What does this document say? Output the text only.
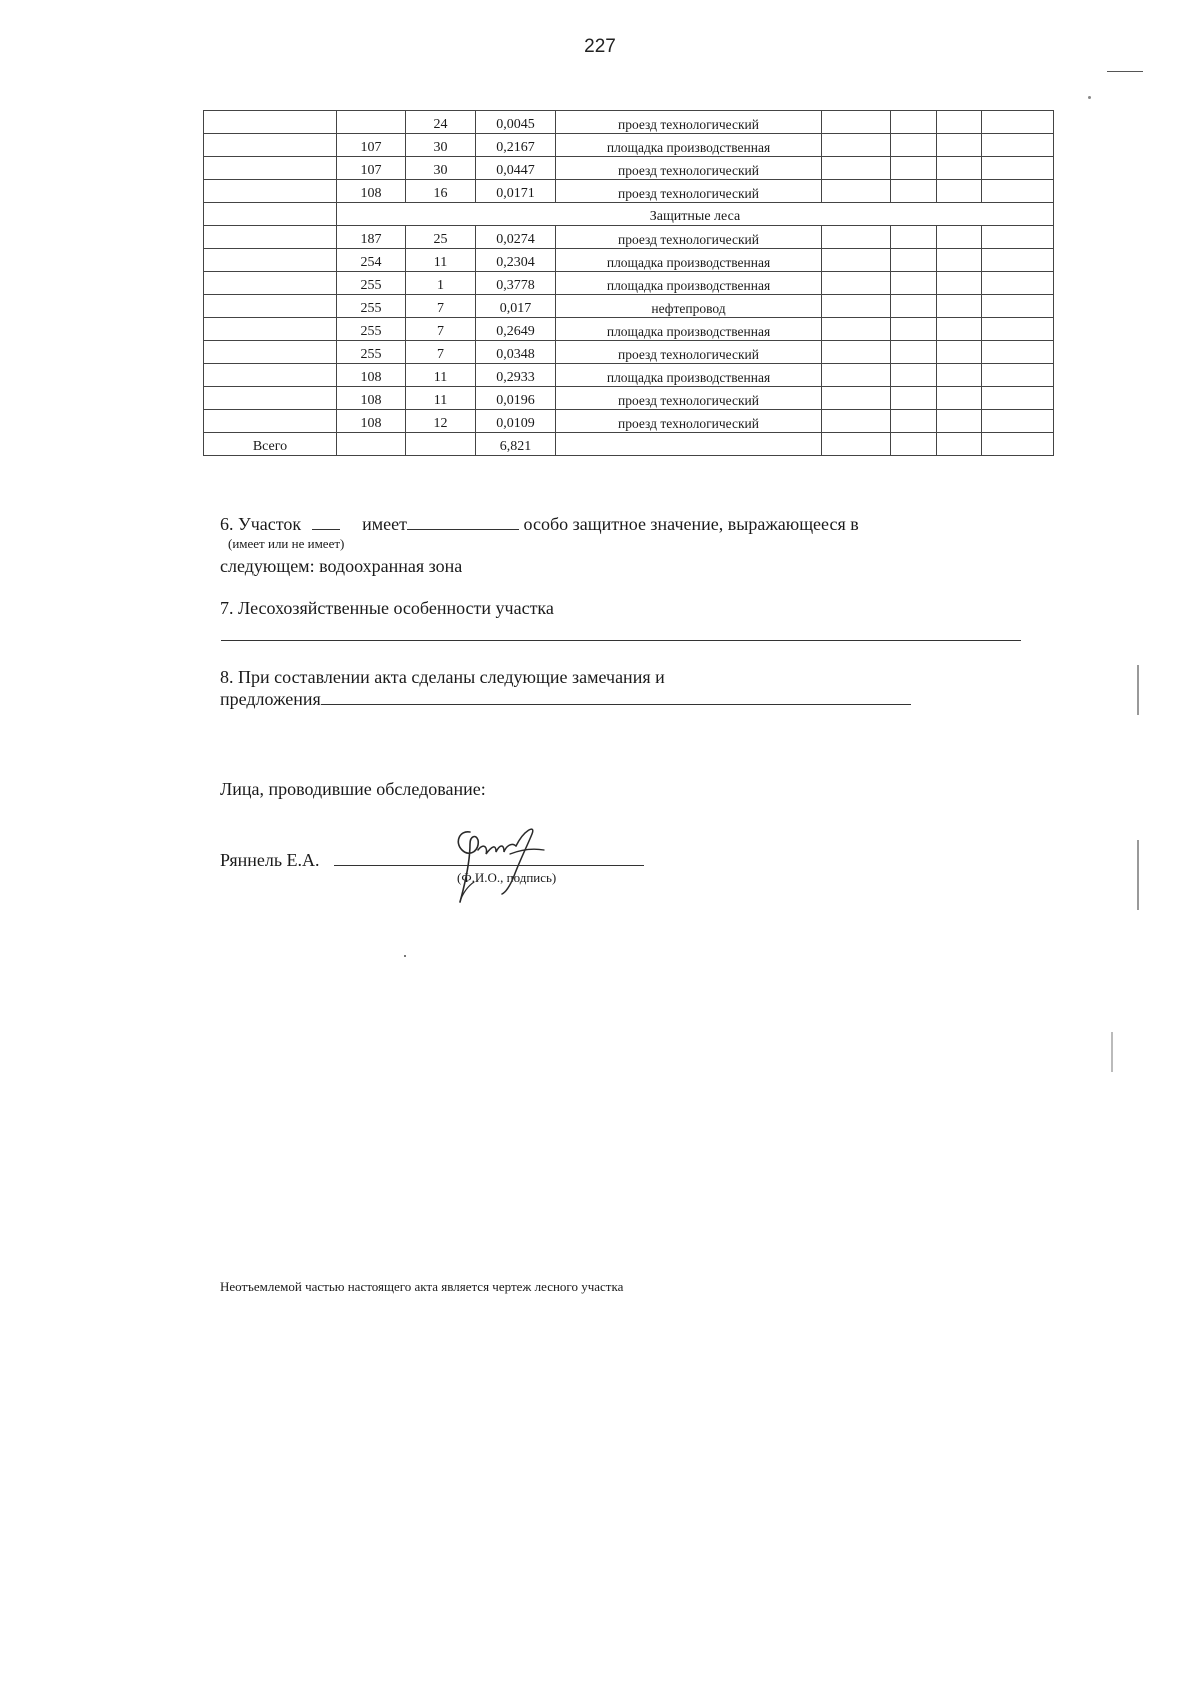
227
		24	0,0045	проезд технологический				
	107	30	0,2167	площадка производственная				
	107	30	0,0447	проезд технологический				
	108	16	0,0171	проезд технологический				
	Защитные леса							
	187	25	0,0274	проезд технологический				
	254	11	0,2304	площадка производственная				
	255	1	0,3778	площадка производственная				
	255	7	0,017	нефтепровод				
	255	7	0,2649	площадка производственная				
	255	7	0,0348	проезд технологический				
	108	11	0,2933	площадка производственная				
	108	11	0,0196	проезд технологический				
	108	12	0,0109	проезд технологический				
Всего			6,821					
6. Участок	имеет	особо защитное значение, выражающееся в
(имеет или не имеет)
следующем: водоохранная зона
7. Лесохозяйственные особенности участка
8. При составлении акта сделаны следующие замечания и
предложения
Лица, проводившие обследование:
Ряннель Е.А.
(Ф.И.О., подпись)
Неотъемлемой частью настоящего акта является чертеж лесного участка
